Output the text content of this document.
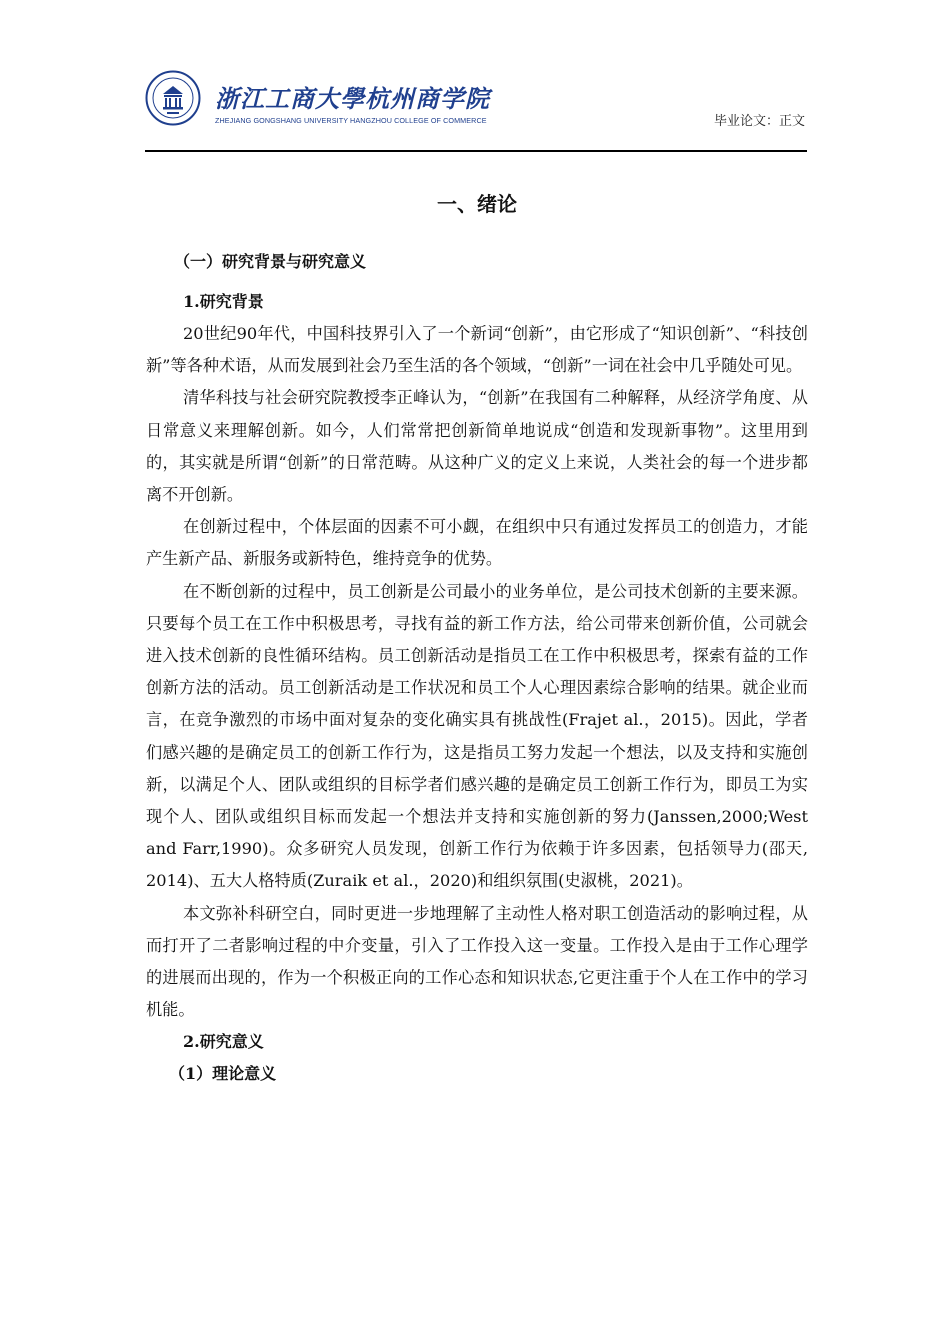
浙江工商大學杭州商学院
ZHEJIANG GONGSHANG UNIVERSITY HANGZHOU COLLEGE OF COMMERCE	毕业论文：正文
一、绪论
（一）研究背景与研究意义
1.研究背景

20世纪90年代，中国科技界引入了一个新词“创新”，由它形成了“知识创新”、“科技创新”等各种术语，从而发展到社会乃至生活的各个领域，“创新”一词在社会中几乎随处可见。

清华科技与社会研究院教授李正峰认为，“创新”在我国有二种解释，从经济学角度、从日常意义来理解创新。如今，人们常常把创新简单地说成“创造和发现新事物”。这里用到的，其实就是所谓“创新”的日常范畴。从这种广义的定义上来说，人类社会的每一个进步都离不开创新。

在创新过程中，个体层面的因素不可小觑，在组织中只有通过发挥员工的创造力，才能产生新产品、新服务或新特色，维持竞争的优势。

在不断创新的过程中，员工创新是公司最小的业务单位，是公司技术创新的主要来源。只要每个员工在工作中积极思考，寻找有益的新工作方法，给公司带来创新价值，公司就会进入技术创新的良性循环结构。员工创新活动是指员工在工作中积极思考，探索有益的工作创新方法的活动。员工创新活动是工作状况和员工个人心理因素综合影响的结果。就企业而言，在竞争激烈的市场中面对复杂的变化确实具有挑战性(Frajet al.，2015)。因此，学者们感兴趣的是确定员工的创新工作行为，这是指员工努力发起一个想法，以及支持和实施创新，以满足个人、团队或组织的目标学者们感兴趣的是确定员工创新工作行为，即员工为实现个人、团队或组织目标而发起一个想法并支持和实施创新的努力(Janssen,2000;West and Farr,1990)。众多研究人员发现，创新工作行为依赖于许多因素，包括领导力(邵天, 2014)、五大人格特质(Zuraik et al.，2020)和组织氛围(史淑桃，2021)。

本文弥补科研空白，同时更进一步地理解了主动性人格对职工创造活动的影响过程，从而打开了二者影响过程的中介变量，引入了工作投入这一变量。工作投入是由于工作心理学的进展而出现的，作为一个积极正向的工作心态和知识状态,它更注重于个人在工作中的学习机能。

2.研究意义
（1）理论意义
